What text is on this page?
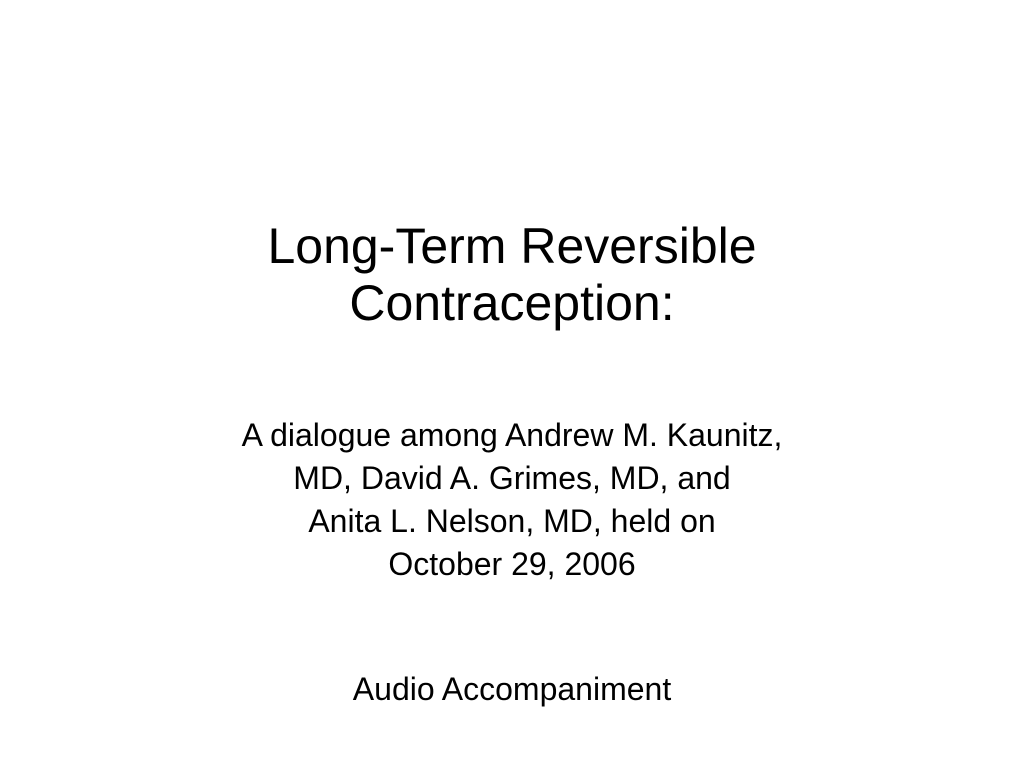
Long-Term Reversible
Contraception:
A dialogue among Andrew M. Kaunitz,
MD, David A. Grimes, MD, and
Anita L. Nelson, MD, held on
October 29, 2006
Audio Accompaniment
